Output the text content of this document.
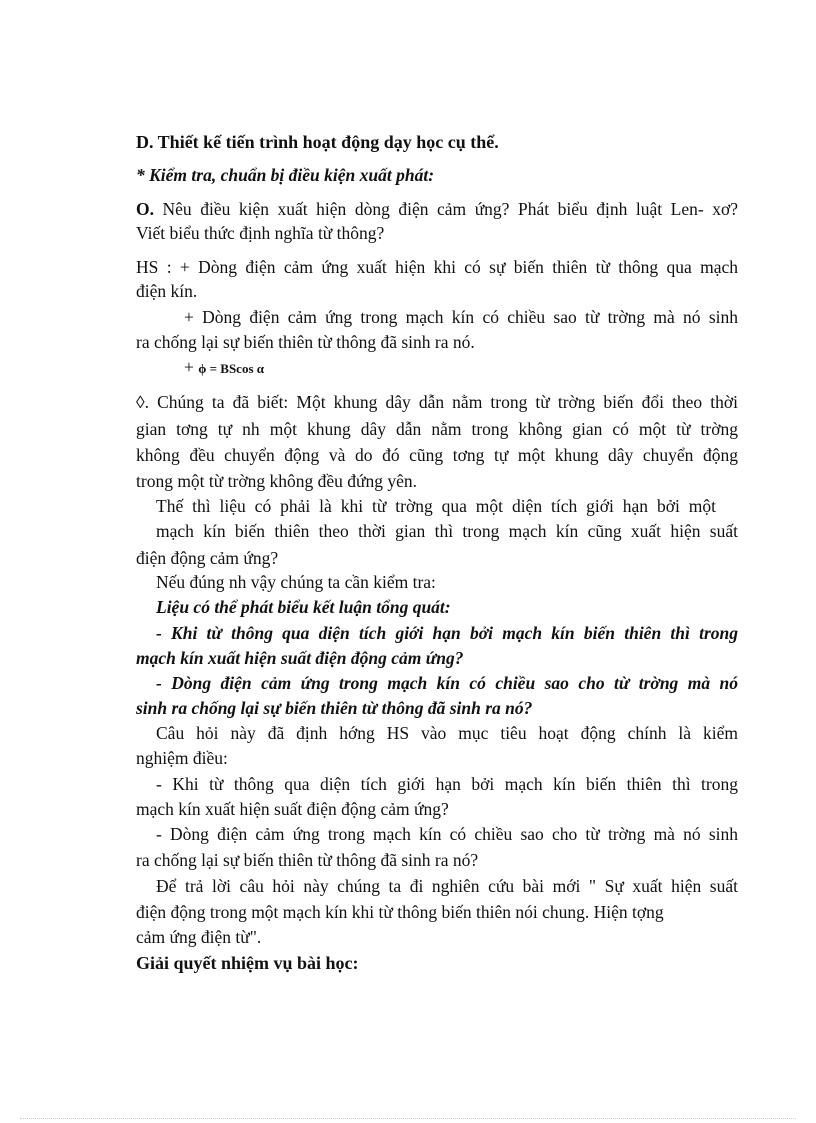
D. Thiết kế tiến trình hoạt động dạy học cụ thể.
* Kiểm tra, chuẩn bị điều kiện xuất phát:
O. Nêu điều kiện xuất hiện dòng điện cảm ứng? Phát biểu định luật Len- xơ?
Viết biểu thức định nghĩa từ thông?
HS : + Dòng điện cảm ứng xuất hiện khi có sự biến thiên từ thông qua mạch
điện kín.
+ Dòng điện cảm ứng trong mạch kín có chiều sao từ trờng mà nó sinh
ra chống lại sự biến thiên từ thông đã sinh ra nó.
+ ϕ = BScos α
◊. Chúng ta đã biết: Một khung dây dẫn nằm trong từ trờng biến đổi theo thời
gian tơng tự nh một khung dây dẫn nằm trong không gian có một từ trờng
không đều chuyển động và do đó cũng tơng tự một khung dây chuyển động
trong một từ trờng không đều đứng yên.
Thế thì liệu có phải là khi từ trờng qua một diện tích giới hạn bởi một
mạch kín biến thiên theo thời gian thì trong mạch kín cũng xuất hiện suất
điện động cảm ứng?
Nếu đúng nh vậy chúng ta cần kiểm tra:
Liệu có thể phát biểu kết luận tổng quát:
- Khi từ thông qua diện tích giới hạn bởi mạch kín biến thiên thì trong
mạch kín xuất hiện suất điện động cảm ứng?
- Dòng điện cảm ứng trong mạch kín có chiều sao cho từ trờng mà nó
sinh ra chống lại sự biến thiên từ thông đã sinh ra nó?
Câu hỏi này đã định hớng HS vào mục tiêu hoạt động chính là kiểm
nghiệm điều:
- Khi từ thông qua diện tích giới hạn bởi mạch kín biến thiên thì trong
mạch kín xuất hiện suất điện động cảm ứng?
- Dòng điện cảm ứng trong mạch kín có chiều sao cho từ trờng mà nó sinh
ra chống lại sự biến thiên từ thông đã sinh ra nó?
Để trả lời câu hỏi này chúng ta đi nghiên cứu bài mới " Sự xuất hiện suất
điện động trong một mạch kín khi từ thông biến thiên nói chung. Hiện tợng
cảm ứng điện từ".
Giải quyết nhiệm vụ bài học:
